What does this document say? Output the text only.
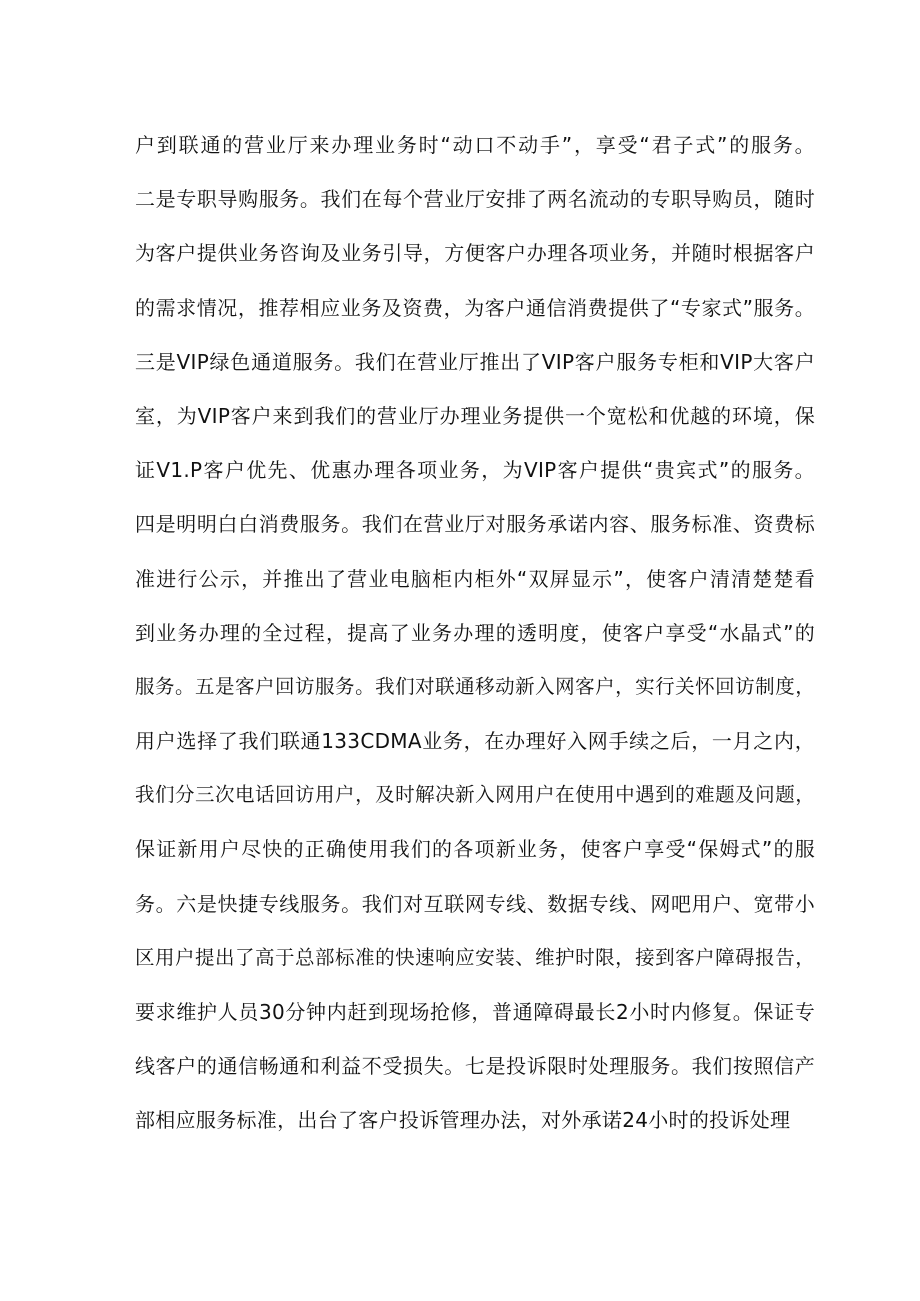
户到联通的营业厅来办理业务时“动口不动手”，享受“君子式”的服务。
二是专职导购服务。我们在每个营业厅安排了两名流动的专职导购员，随时
为客户提供业务咨询及业务引导，方便客户办理各项业务，并随时根据客户
的需求情况，推荐相应业务及资费，为客户通信消费提供了“专家式”服务。
三是VIP绿色通道服务。我们在营业厅推出了VIP客户服务专柜和VIP大客户
室，为VIP客户来到我们的营业厅办理业务提供一个宽松和优越的环境，保
证V1.P客户优先、优惠办理各项业务，为VIP客户提供“贵宾式”的服务。
四是明明白白消费服务。我们在营业厅对服务承诺内容、服务标准、资费标
准进行公示，并推出了营业电脑柜内柜外“双屏显示”，使客户清清楚楚看
到业务办理的全过程，提高了业务办理的透明度，使客户享受“水晶式”的
服务。五是客户回访服务。我们对联通移动新入网客户，实行关怀回访制度，
用户选择了我们联通133CDMA业务，在办理好入网手续之后，一月之内，
我们分三次电话回访用户，及时解决新入网用户在使用中遇到的难题及问题，
保证新用户尽快的正确使用我们的各项新业务，使客户享受“保姆式”的服
务。六是快捷专线服务。我们对互联网专线、数据专线、网吧用户、宽带小
区用户提出了高于总部标准的快速响应安装、维护时限，接到客户障碍报告，
要求维护人员30分钟内赶到现场抢修，普通障碍最长2小时内修复。保证专
线客户的通信畅通和利益不受损失。七是投诉限时处理服务。我们按照信产
部相应服务标准，出台了客户投诉管理办法，对外承诺24小时的投诉处理
